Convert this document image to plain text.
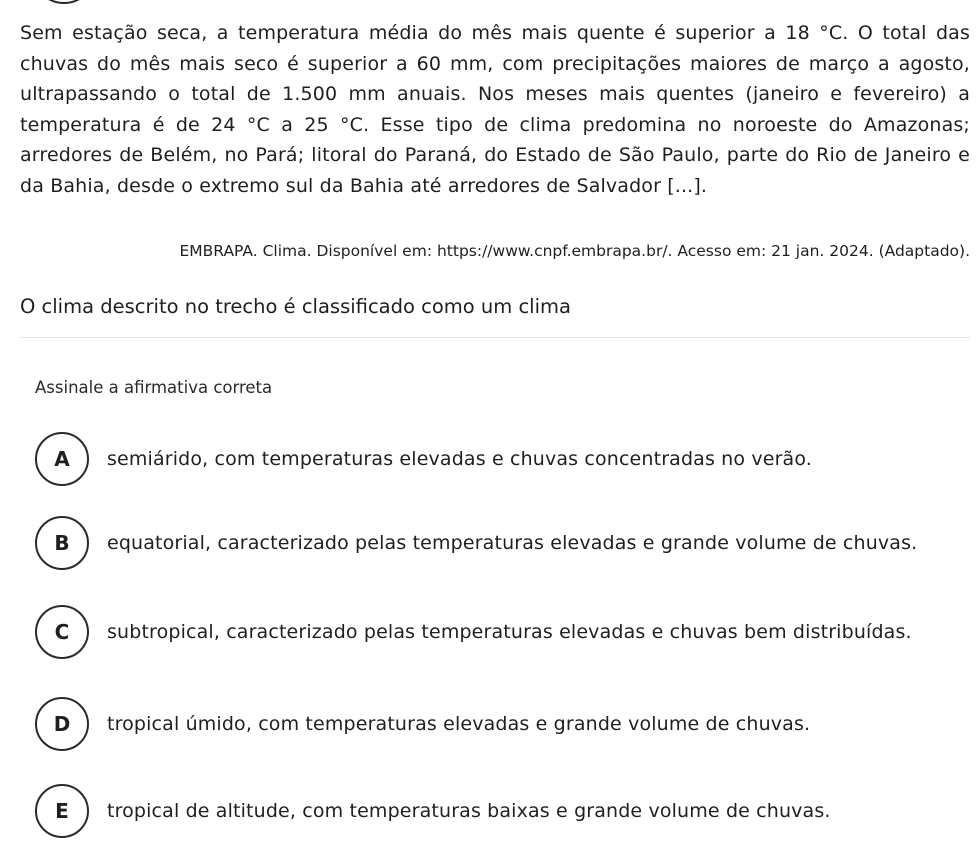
Sem estação seca, a temperatura média do mês mais quente é superior a 18 °C. O total das chuvas do mês mais seco é superior a 60 mm, com precipitações maiores de março a agosto, ultrapassando o total de 1.500 mm anuais. Nos meses mais quentes (janeiro e fevereiro) a temperatura é de 24 °C a 25 °C. Esse tipo de clima predomina no noroeste do Amazonas; arredores de Belém, no Pará; litoral do Paraná, do Estado de São Paulo, parte do Rio de Janeiro e da Bahia, desde o extremo sul da Bahia até arredores de Salvador [...].

EMBRAPA. Clima. Disponível em: https://www.cnpf.embrapa.br/. Acesso em: 21 jan. 2024. (Adaptado).

O clima descrito no trecho é classificado como um clima

Assinale a afirmativa correta

A	semiárido, com temperaturas elevadas e chuvas concentradas no verão.
B	equatorial, caracterizado pelas temperaturas elevadas e grande volume de chuvas.
C	subtropical, caracterizado pelas temperaturas elevadas e chuvas bem distribuídas.
D	tropical úmido, com temperaturas elevadas e grande volume de chuvas.
E	tropical de altitude, com temperaturas baixas e grande volume de chuvas.
